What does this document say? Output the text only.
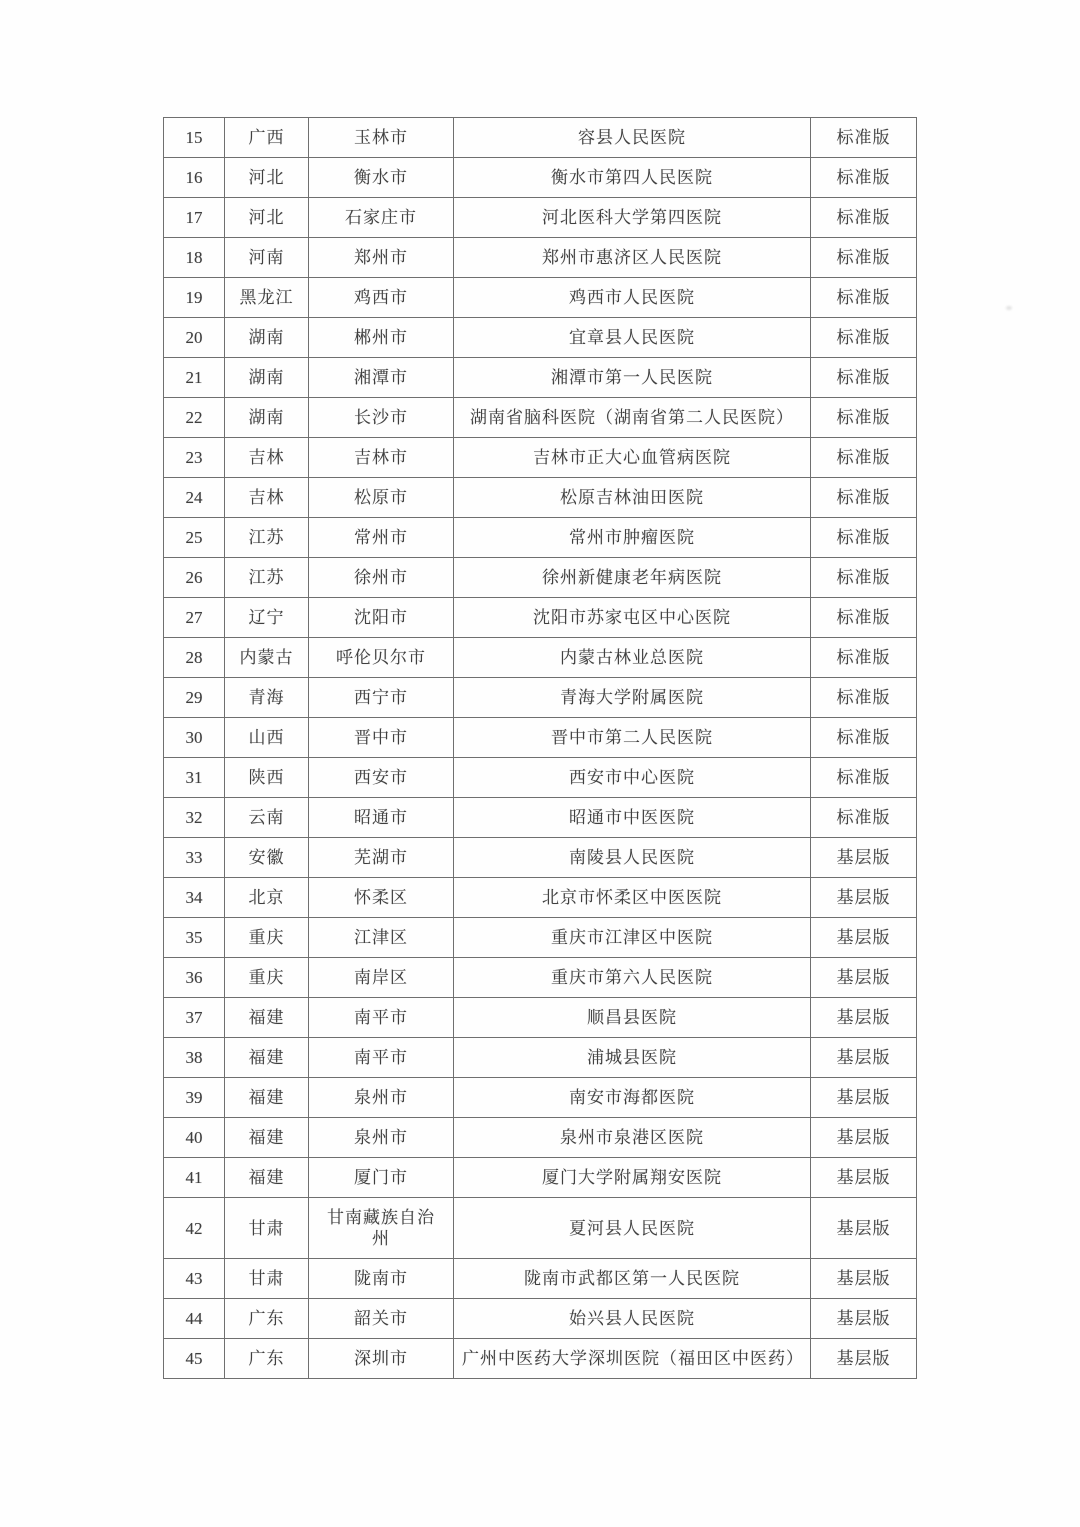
15	广西	玉林市	容县人民医院	标准版
16	河北	衡水市	衡水市第四人民医院	标准版
17	河北	石家庄市	河北医科大学第四医院	标准版
18	河南	郑州市	郑州市惠济区人民医院	标准版
19	黑龙江	鸡西市	鸡西市人民医院	标准版
20	湖南	郴州市	宜章县人民医院	标准版
21	湖南	湘潭市	湘潭市第一人民医院	标准版
22	湖南	长沙市	湖南省脑科医院（湖南省第二人民医院）	标准版
23	吉林	吉林市	吉林市正大心血管病医院	标准版
24	吉林	松原市	松原吉林油田医院	标准版
25	江苏	常州市	常州市肿瘤医院	标准版
26	江苏	徐州市	徐州新健康老年病医院	标准版
27	辽宁	沈阳市	沈阳市苏家屯区中心医院	标准版
28	内蒙古	呼伦贝尔市	内蒙古林业总医院	标准版
29	青海	西宁市	青海大学附属医院	标准版
30	山西	晋中市	晋中市第二人民医院	标准版
31	陕西	西安市	西安市中心医院	标准版
32	云南	昭通市	昭通市中医医院	标准版
33	安徽	芜湖市	南陵县人民医院	基层版
34	北京	怀柔区	北京市怀柔区中医医院	基层版
35	重庆	江津区	重庆市江津区中医院	基层版
36	重庆	南岸区	重庆市第六人民医院	基层版
37	福建	南平市	顺昌县医院	基层版
38	福建	南平市	浦城县医院	基层版
39	福建	泉州市	南安市海都医院	基层版
40	福建	泉州市	泉州市泉港区医院	基层版
41	福建	厦门市	厦门大学附属翔安医院	基层版
42	甘肃	甘南藏族自治州	夏河县人民医院	基层版
43	甘肃	陇南市	陇南市武都区第一人民医院	基层版
44	广东	韶关市	始兴县人民医院	基层版
45	广东	深圳市	广州中医药大学深圳医院（福田区中医药）	基层版
